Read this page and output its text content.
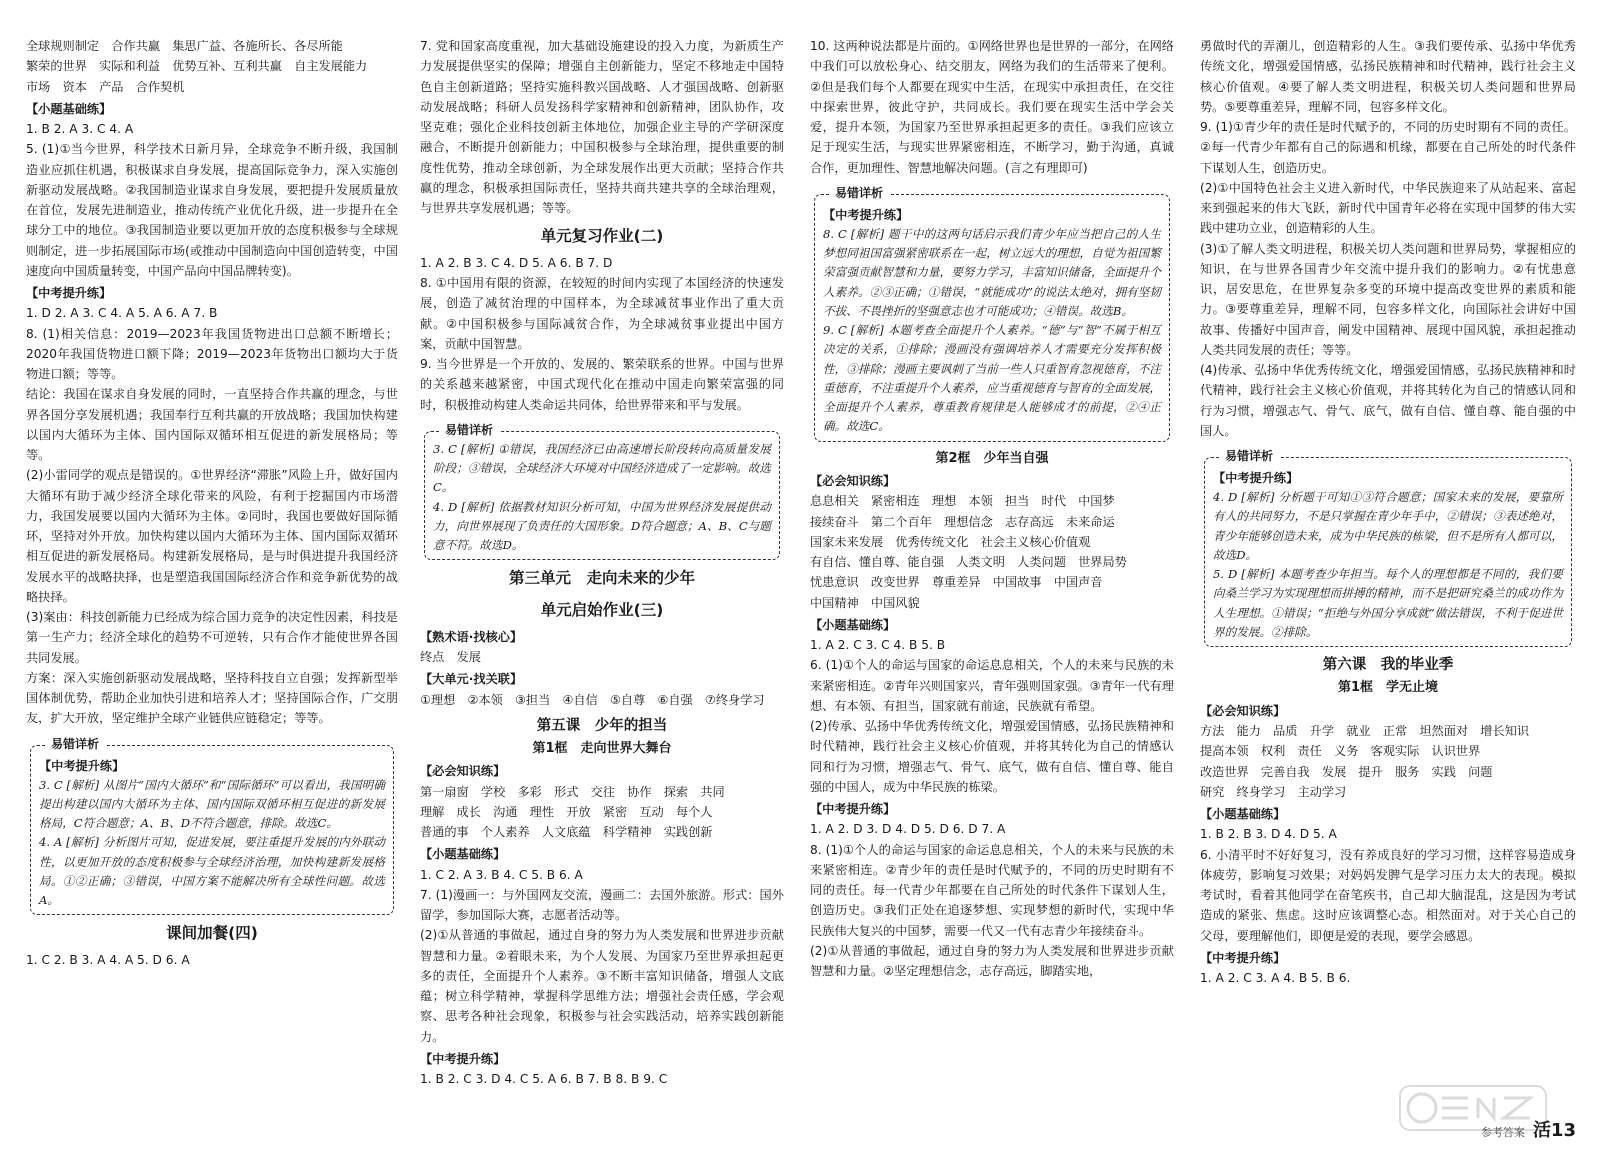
全球规则制定　合作共赢　集思广益、各施所长、各尽所能

繁荣的世界　实际和利益　优势互补、互利共赢　自主发展能力

市场　资本　产品　合作契机

【小题基础练】

1. B 2. A 3. C 4. A

5. (1)①当今世界，科学技术日新月异，全球竞争不断升级，我国制造业应抓住机遇，积极谋求自身发展，提高国际竞争力，深入实施创新驱动发展战略。②我国制造业谋求自身发展，要把提升发展质量放在首位，发展先进制造业，推动传统产业优化升级，进一步提升在全球分工中的地位。③我国制造业要以更加开放的态度积极参与全球规则制定，进一步拓展国际市场(或推动中国制造向中国创造转变，中国速度向中国质量转变，中国产品向中国品牌转变)。

【中考提升练】

1. D 2. A 3. C 4. A 5. A 6. A 7. B

8. (1)相关信息：2019—2023年我国货物进出口总额不断增长；2020年我国货物进口额下降；2019—2023年货物出口额均大于货物进口额；等等。

结论：我国在谋求自身发展的同时，一直坚持合作共赢的理念，与世界各国分享发展机遇；我国奉行互利共赢的开放战略；我国加快构建以国内大循环为主体、国内国际双循环相互促进的新发展格局；等等。

(2)小雷同学的观点是错误的。①世界经济“滞胀”风险上升，做好国内大循环有助于减少经济全球化带来的风险，有利于挖掘国内市场潜力，我国发展要以国内大循环为主体。②同时，我国也要做好国际循环，坚持对外开放。加快构建以国内大循环为主体、国内国际双循环相互促进的新发展格局。构建新发展格局，是与时俱进提升我国经济发展水平的战略抉择，也是塑造我国国际经济合作和竞争新优势的战略抉择。

(3)案由：科技创新能力已经成为综合国力竞争的决定性因素，科技是第一生产力；经济全球化的趋势不可逆转，只有合作才能使世界各国共同发展。

方案：深入实施创新驱动发展战略，坚持科技自立自强；发挥新型举国体制优势，帮助企业加快引进和培养人才；坚持国际合作，广交朋友，扩大开放，坚定维护全球产业链供应链稳定；等等。

易错详析

【中考提升练】

3. C [解析] 从图片“国内大循环”和“国际循环”可以看出，我国明确提出构建以国内大循环为主体、国内国际双循环相互促进的新发展格局，C符合题意；A、B、D不符合题意，排除。故选C。

4. A [解析] 分析图片可知，促进发展，要注重提升发展的内外联动性，以更加开放的态度积极参与全球经济治理，加快构建新发展格局。①②正确；③错误，中国方案不能解决所有全球性问题。故选A。

课间加餐(四)

1. C 2. B 3. A 4. A 5. D 6. A

7. 党和国家高度重视，加大基础设施建设的投入力度，为新质生产力发展提供坚实的保障；增强自主创新能力，坚定不移地走中国特色自主创新道路；坚持实施科教兴国战略、人才强国战略、创新驱动发展战略；科研人员发扬科学家精神和创新精神，团队协作，攻坚克难；强化企业科技创新主体地位，加强企业主导的产学研深度融合，不断提升创新能力；中国积极参与全球治理，提供重要的制度性优势，推动全球创新，为全球发展作出更大贡献；坚持合作共赢的理念，积极承担国际责任，坚持共商共建共享的全球治理观，与世界共享发展机遇；等等。

单元复习作业(二)

1. A 2. B 3. C 4. D 5. A 6. B 7. D

8. ①中国用有限的资源，在较短的时间内实现了本国经济的快速发展，创造了减贫治理的中国样本，为全球减贫事业作出了重大贡献。②中国积极参与国际减贫合作，为全球减贫事业提出中国方案，贡献中国智慧。

9. 当今世界是一个开放的、发展的、繁荣联系的世界。中国与世界的关系越来越紧密，中国式现代化在推动中国走向繁荣富强的同时，积极推动构建人类命运共同体，给世界带来和平与发展。

易错详析

3. C [解析] ①错误，我国经济已由高速增长阶段转向高质量发展阶段；③错误，全球经济大环境对中国经济造成了一定影响。故选C。

4. D [解析] 依据教材知识分析可知，中国为世界经济发展提供动力，向世界展现了负责任的大国形象。D符合题意；A、B、C与题意不符。故选D。

第三单元　走向未来的少年
单元启始作业(三)

【熟术语·找核心】

终点　发展

【大单元·找关联】

①理想　②本领　③担当　④自信　⑤自尊　⑥自强　⑦终身学习

第五课　少年的担当
第1框　走向世界大舞台

【必会知识练】

第一扇窗　学校　多彩　形式　交往　协作　探索　共同

理解　成长　沟通　理性　开放　紧密　互动　每个人

普通的事　个人素养　人文底蕴　科学精神　实践创新

【小题基础练】

1. C 2. A 3. B 4. C 5. B 6. A

7. (1)漫画一：与外国网友交流，漫画二：去国外旅游。形式：国外留学，参加国际大赛，志愿者活动等。

(2)①从普通的事做起，通过自身的努力为人类发展和世界进步贡献智慧和力量。②着眼未来，为个人发展、为国家乃至世界承担起更多的责任，全面提升个人素养。③不断丰富知识储备，增强人文底蕴；树立科学精神，掌握科学思维方法；增强社会责任感，学会观察、思考各种社会现象，积极参与社会实践活动，培养实践创新能力。

【中考提升练】

1. B 2. C 3. D 4. C 5. A 6. B 7. B 8. B 9. C

10. 这两种说法都是片面的。①网络世界也是世界的一部分，在网络中我们可以放松身心、结交朋友，网络为我们的生活带来了便利。②但是我们每个人都要在现实中生活，在现实中承担责任，在交往中探索世界，彼此守护，共同成长。我们要在现实生活中学会关爱，提升本领，为国家乃至世界承担起更多的责任。③我们应该立足于现实生活，与现实世界紧密相连，不断学习，勤于沟通，真诚合作，更加理性、智慧地解决问题。(言之有理即可)

易错详析

【中考提升练】

8. C [解析] 题干中的这两句话启示我们青少年应当把自己的人生梦想同祖国富强紧密联系在一起，树立远大的理想，自觉为祖国繁荣富强贡献智慧和力量，要努力学习，丰富知识储备，全面提升个人素养。②③正确；①错误，“就能成功”的说法太绝对，拥有坚韧不拔、不畏挫折的坚强意志也才可能成功；④错误。故选B。

9. C [解析] 本题考查全面提升个人素养。“德”与“智”不属于相互决定的关系，①排除；漫画没有强调培养人才需要充分发挥积极性，③排除；漫画主要讽刺了当前一些人只重智育忽视德育，不注重德育，不注重提升个人素养，应当重视德育与智育的全面发展，全面提升个人素养，尊重教育规律是人能够成才的前提，②④正确。故选C。

第2框　少年当自强

【必会知识练】

息息相关　紧密相连　理想　本领　担当　时代　中国梦

接续奋斗　第二个百年　理想信念　志存高远　未来命运

国家未来发展　优秀传统文化　社会主义核心价值观

有自信、懂自尊、能自强　人类文明　人类问题　世界局势

忧患意识　改变世界　尊重差异　中国故事　中国声音

中国精神　中国风貌

【小题基础练】

1. A 2. C 3. C 4. B 5. B

6. (1)①个人的命运与国家的命运息息相关，个人的未来与民族的未来紧密相连。②青年兴则国家兴，青年强则国家强。③青年一代有理想、有本领、有担当，国家就有前途，民族就有希望。

(2)传承、弘扬中华优秀传统文化，增强爱国情感，弘扬民族精神和时代精神，践行社会主义核心价值观，并将其转化为自己的情感认同和行为习惯，增强志气、骨气、底气，做有自信、懂自尊、能自强的中国人，成为中华民族的栋梁。

【中考提升练】

1. A 2. D 3. D 4. D 5. D 6. D 7. A

8. (1)①个人的命运与国家的命运息息相关，个人的未来与民族的未来紧密相连。②青少年的责任是时代赋予的，不同的历史时期有不同的责任。每一代青少年都要在自己所处的时代条件下谋划人生，创造历史。③我们正处在追逐梦想、实现梦想的新时代，实现中华民族伟大复兴的中国梦，需要一代又一代有志青少年接续奋斗。

(2)①从普通的事做起，通过自身的努力为人类发展和世界进步贡献智慧和力量。②坚定理想信念，志存高远，脚踏实地，

勇做时代的弄潮儿，创造精彩的人生。③我们要传承、弘扬中华优秀传统文化，增强爱国情感，弘扬民族精神和时代精神，践行社会主义核心价值观。④要了解人类文明进程，积极关切人类问题和世界局势。⑤要尊重差异，理解不同，包容多样文化。

9. (1)①青少年的责任是时代赋予的，不同的历史时期有不同的责任。②每一代青少年都有自己的际遇和机缘，都要在自己所处的时代条件下谋划人生，创造历史。

(2)①中国特色社会主义进入新时代，中华民族迎来了从站起来、富起来到强起来的伟大飞跃，新时代中国青年必将在实现中国梦的伟大实践中建功立业，创造精彩的人生。

(3)①了解人类文明进程，积极关切人类问题和世界局势，掌握相应的知识，在与世界各国青少年交流中提升我们的影响力。②有忧患意识，居安思危，在世界复杂多变的环境中提高改变世界的素质和能力。③要尊重差异，理解不同，包容多样文化，向国际社会讲好中国故事、传播好中国声音，阐发中国精神、展现中国风貌，承担起推动人类共同发展的责任；等等。

(4)传承、弘扬中华优秀传统文化，增强爱国情感，弘扬民族精神和时代精神，践行社会主义核心价值观，并将其转化为自己的情感认同和行为习惯，增强志气、骨气、底气，做有自信、懂自尊、能自强的中国人。

易错详析

【中考提升练】

4. D [解析] 分析题干可知①③符合题意；国家未来的发展，要靠所有人的共同努力，不是只掌握在青少年手中，②错误；③表述绝对，青少年能够创造未来，成为中华民族的栋梁，但不是所有人都可以，故选D。

5. D [解析] 本题考查少年担当。每个人的理想都是不同的，我们要向桑兰学习为实现理想而拼搏的精神，而不是把研究桑兰的成功作为人生理想。①错误；“拒绝与外国分享成就”做法错误，不利于促进世界的发展。②排除。

第六课　我的毕业季
第1框　学无止境

【必会知识练】

方法　能力　品质　升学　就业　正常　坦然面对　增长知识

提高本领　权利　责任　义务　客观实际　认识世界

改造世界　完善自我　发展　提升　服务　实践　问题

研究　终身学习　主动学习

【小题基础练】

1. B 2. B 3. D 4. D 5. A

6. 小清平时不好好复习，没有养成良好的学习习惯，这样容易造成身体疲劳，影响复习效果；对妈妈发脾气是学习压力太大的表现。模拟考试时，看着其他同学在奋笔疾书，自己却大脑混乱，这是因为考试造成的紧张、焦虑。这时应该调整心态。相然面对。对于关心自己的父母，要理解他们，即便是爱的表现，要学会感恩。

【中考提升练】

1. A 2. C 3. A 4. B 5. B 6.

参考答案 活13
